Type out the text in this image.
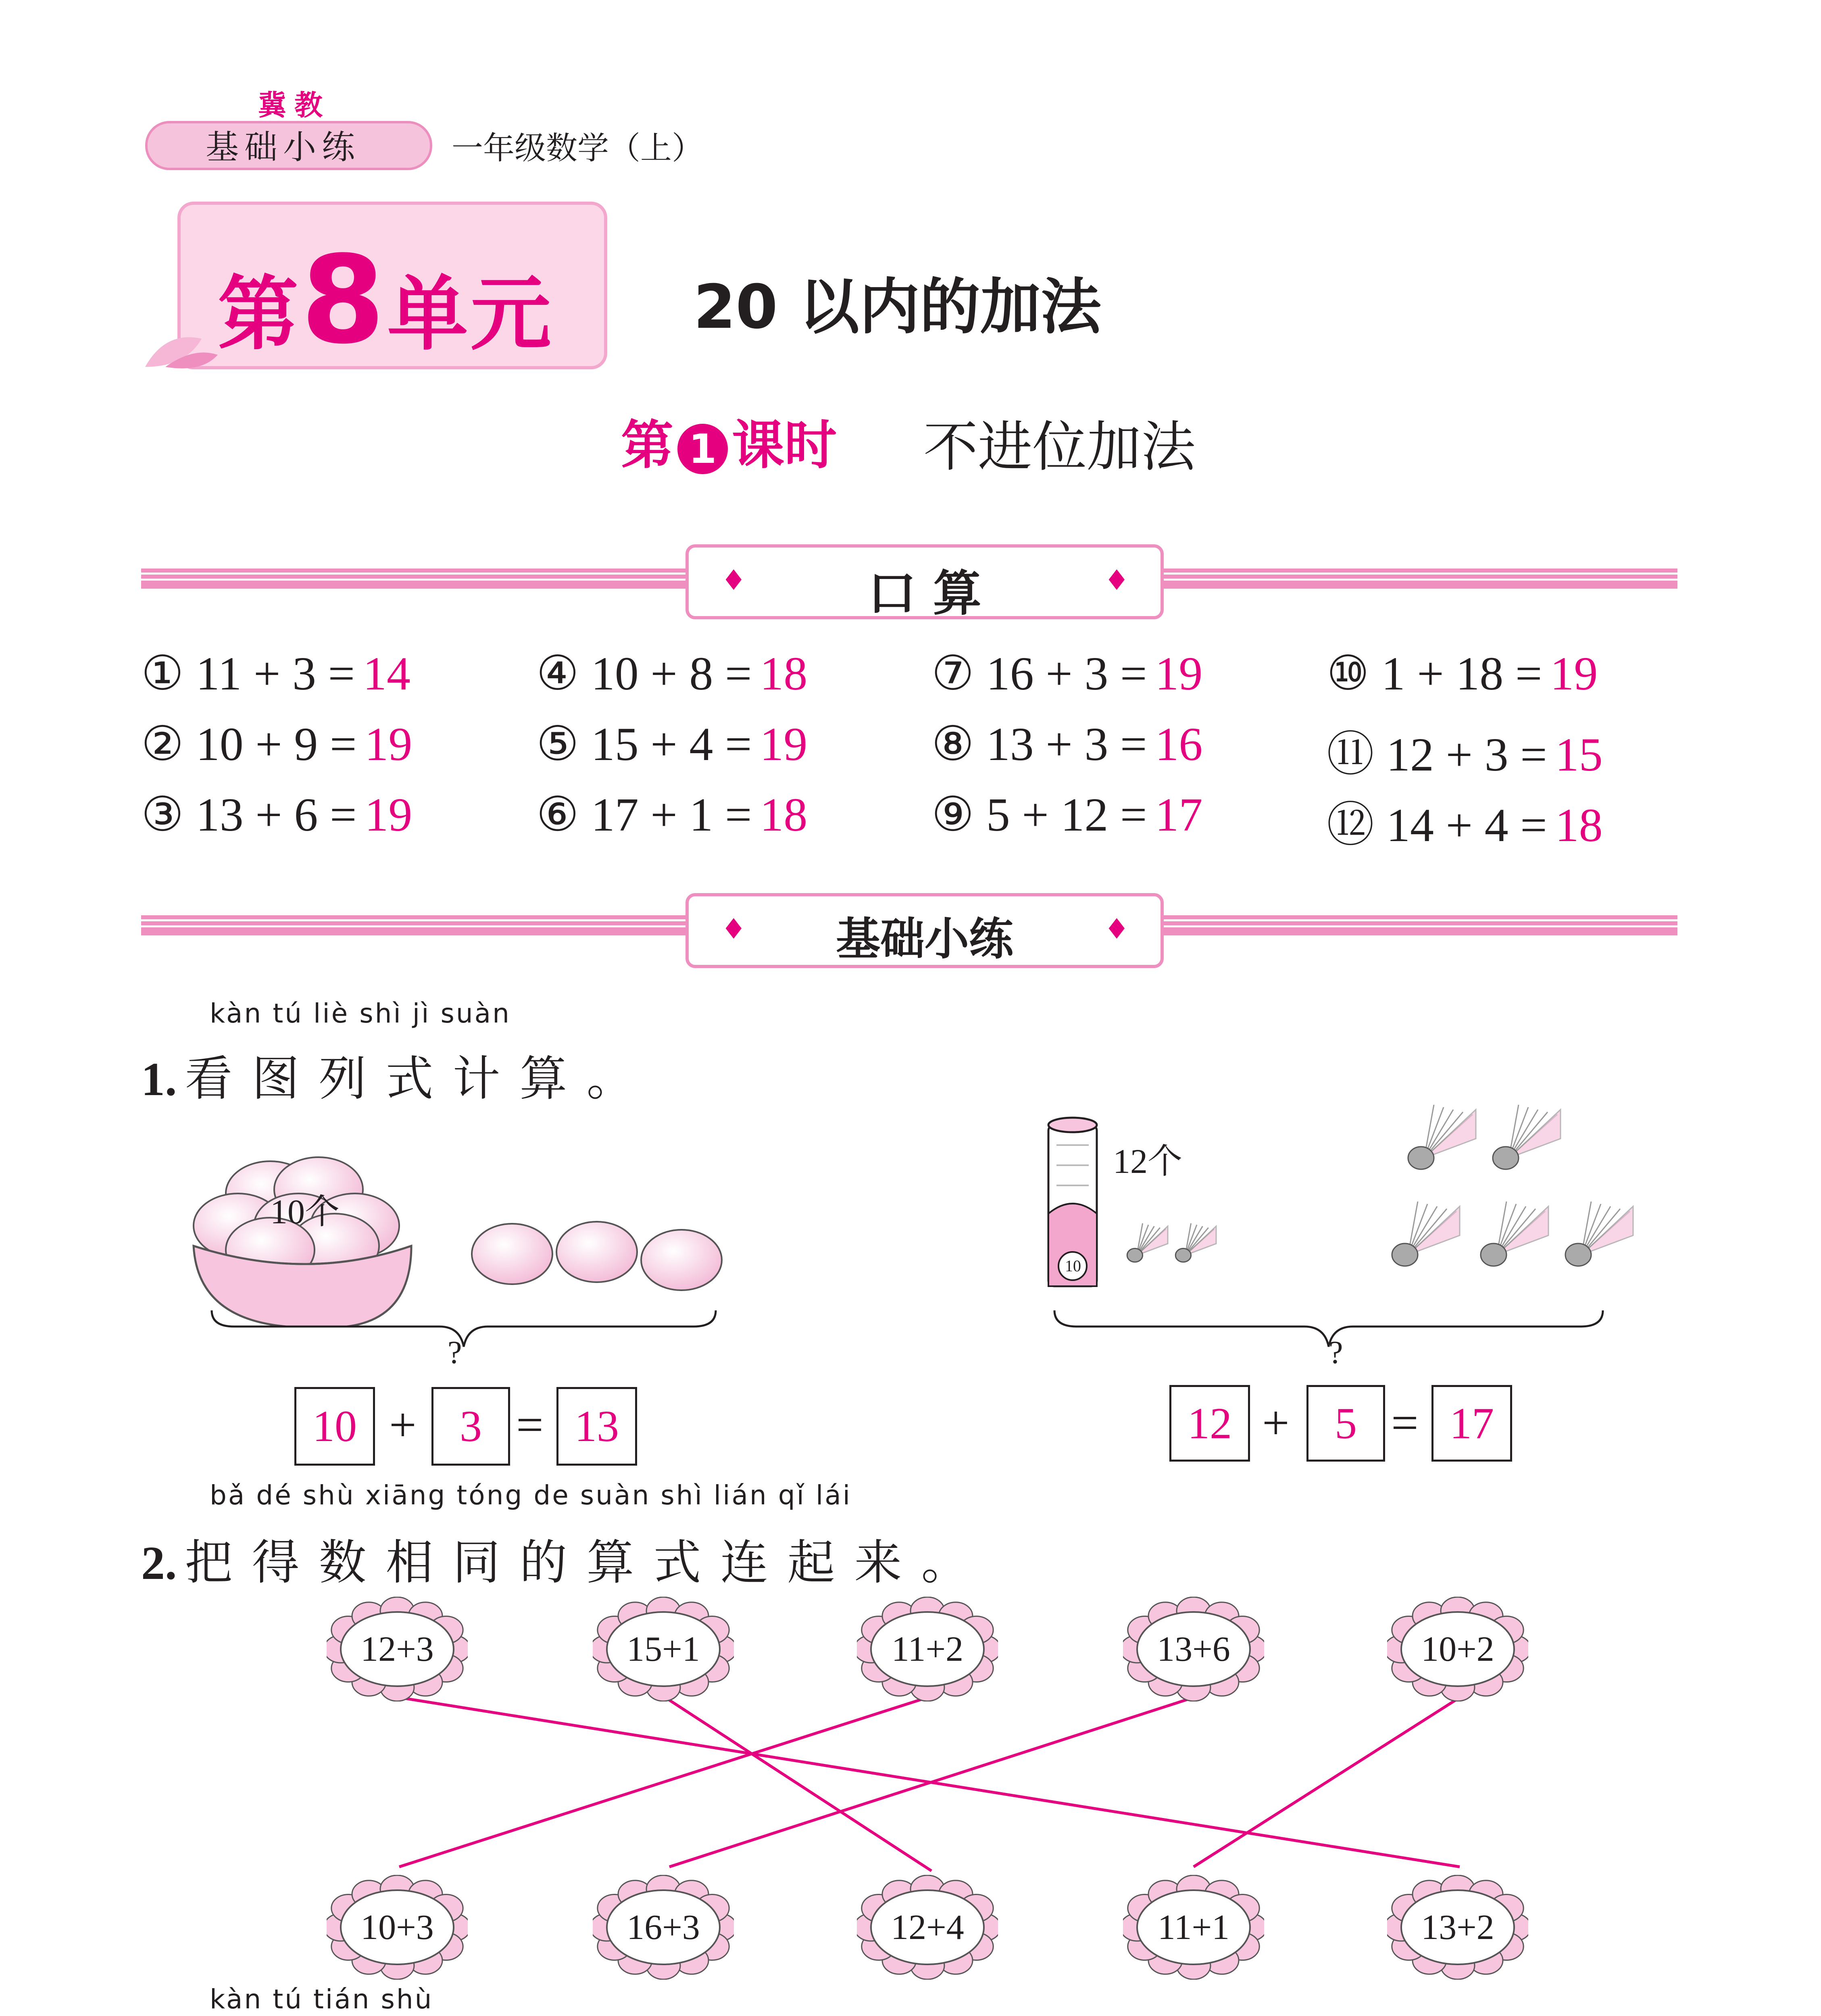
冀教
基础小练	一年级数学（上）
第8单元 20 以内的加法
第 1 课时 不进位加法
♦	口 算	♦
① 11 + 3 = 14
② 10 + 9 = 19
③ 13 + 6 = 19
④ 10 + 8 = 18
⑤ 15 + 4 = 19
⑥ 17 + 1 = 18
⑦ 16 + 3 = 19
⑧ 13 + 3 = 16
⑨ 5 + 12 = 17
⑩ 1 + 18 = 19
⑪ 12 + 3 = 15
⑫ 14 + 4 = 18
♦	基础小练	♦
kàn tú liè shì jì suàn
1. 看图列式计算。
10个
?
10 + 3 = 13
10
12个
?
12 +	5 = 17
bǎ dé shù xiāng tóng de suàn shì lián qǐ lái
2. 把得数相同的算式连起来。
12+3	15+1	11+2	13+6	10+2
10+3	16+3	12+4	11+1	13+2
kàn tú tián shù
